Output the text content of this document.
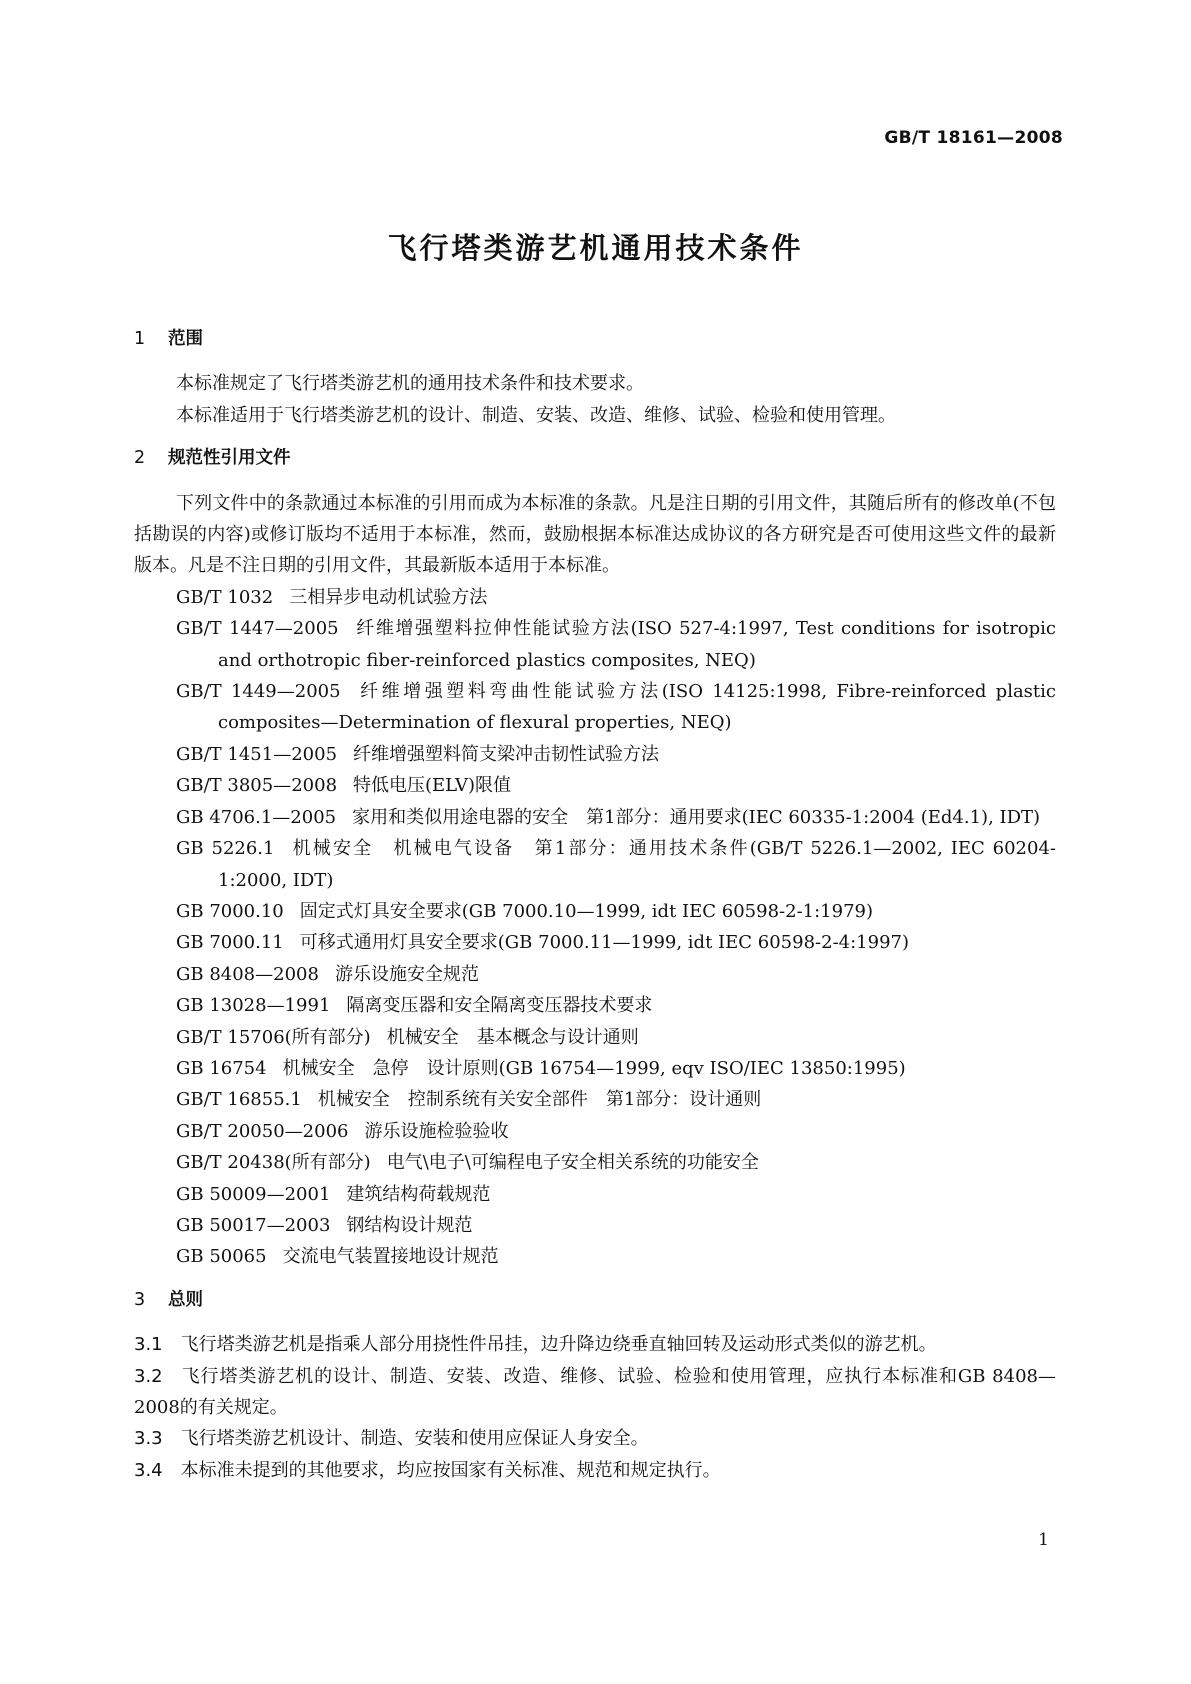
GB/T 18161—2008
飞行塔类游艺机通用技术条件
1 范围
本标准规定了飞行塔类游艺机的通用技术条件和技术要求。
本标准适用于飞行塔类游艺机的设计、制造、安装、改造、维修、试验、检验和使用管理。
2 规范性引用文件
下列文件中的条款通过本标准的引用而成为本标准的条款。凡是注日期的引用文件，其随后所有的修改单(不包括勘误的内容)或修订版均不适用于本标准，然而，鼓励根据本标准达成协议的各方研究是否可使用这些文件的最新版本。凡是不注日期的引用文件，其最新版本适用于本标准。
GB/T 1032 三相异步电动机试验方法
GB/T 1447—2005 纤维增强塑料拉伸性能试验方法(ISO 527-4:1997, Test conditions for isotropic and orthotropic fiber-reinforced plastics composites, NEQ)
GB/T 1449—2005 纤维增强塑料弯曲性能试验方法(ISO 14125:1998, Fibre-reinforced plastic composites—Determination of flexural properties, NEQ)
GB/T 1451—2005 纤维增强塑料简支梁冲击韧性试验方法
GB/T 3805—2008 特低电压(ELV)限值
GB 4706.1—2005 家用和类似用途电器的安全　第1部分：通用要求(IEC 60335-1:2004 (Ed4.1), IDT)
GB 5226.1 机械安全　机械电气设备　第1部分：通用技术条件(GB/T 5226.1—2002, IEC 60204-1:2000, IDT)
GB 7000.10 固定式灯具安全要求(GB 7000.10—1999, idt IEC 60598-2-1:1979)
GB 7000.11 可移式通用灯具安全要求(GB 7000.11—1999, idt IEC 60598-2-4:1997)
GB 8408—2008 游乐设施安全规范
GB 13028—1991 隔离变压器和安全隔离变压器技术要求
GB/T 15706(所有部分) 机械安全　基本概念与设计通则
GB 16754 机械安全　急停　设计原则(GB 16754—1999, eqv ISO/IEC 13850:1995)
GB/T 16855.1 机械安全　控制系统有关安全部件　第1部分：设计通则
GB/T 20050—2006 游乐设施检验验收
GB/T 20438(所有部分) 电气\电子\可编程电子安全相关系统的功能安全
GB 50009—2001 建筑结构荷载规范
GB 50017—2003 钢结构设计规范
GB 50065 交流电气装置接地设计规范
3 总则
3.1 飞行塔类游艺机是指乘人部分用挠性件吊挂，边升降边绕垂直轴回转及运动形式类似的游艺机。
3.2 飞行塔类游艺机的设计、制造、安装、改造、维修、试验、检验和使用管理，应执行本标准和GB 8408—2008的有关规定。
3.3 飞行塔类游艺机设计、制造、安装和使用应保证人身安全。
3.4 本标准未提到的其他要求，均应按国家有关标准、规范和规定执行。
1
